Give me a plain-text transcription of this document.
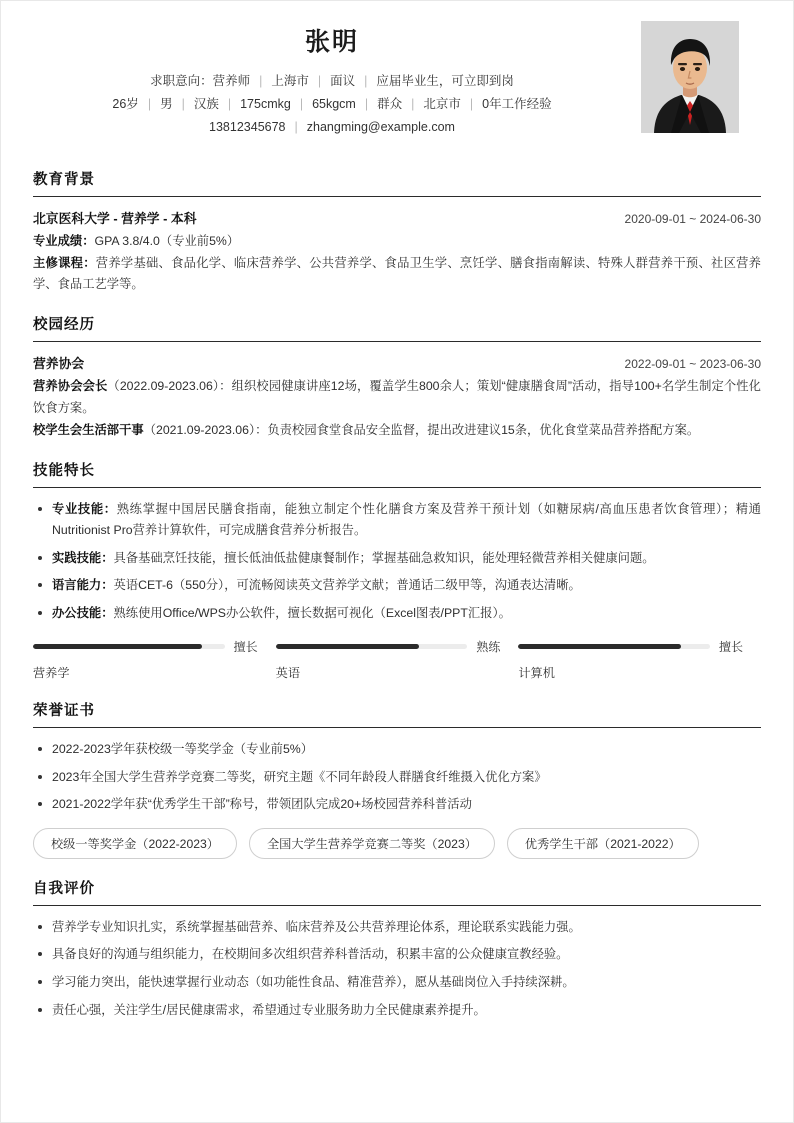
张明
求职意向：营养师 | 上海市 | 面议 | 应届毕业生，可立即到岗
26岁 | 男 | 汉族 | 175cmkg | 65kgcm | 群众 | 北京市 | 0年工作经验
13812345678 | zhangming@example.com
教育背景
北京医科大学 - 营养学 - 本科	2020-09-01 ~ 2024-06-30
专业成绩：GPA 3.8/4.0（专业前5%）
主修课程：营养学基础、食品化学、临床营养学、公共营养学、食品卫生学、烹饪学、膳食指南解读、特殊人群营养干预、社区营养学、食品工艺学等。
校园经历
营养协会	2022-09-01 ~ 2023-06-30
营养协会会长（2022.09-2023.06）：组织校园健康讲座12场，覆盖学生800余人；策划“健康膳食周”活动，指导100+名学生制定个性化饮食方案。
校学生会生活部干事（2021.09-2023.06）：负责校园食堂食品安全监督，提出改进建议15条，优化食堂菜品营养搭配方案。
技能特长
专业技能：熟练掌握中国居民膳食指南，能独立制定个性化膳食方案及营养干预计划（如糖尿病/高血压患者饮食管理）；精通 Nutritionist Pro营养计算软件，可完成膳食营养分析报告。
实践技能：具备基础烹饪技能，擅长低油低盐健康餐制作；掌握基础急救知识，能处理轻微营养相关健康问题。
语言能力：英语CET-6（550分），可流畅阅读英文营养学文献；普通话二级甲等，沟通表达清晰。
办公技能：熟练使用Office/WPS办公软件，擅长数据可视化（Excel图表/PPT汇报）。
擅长
营养学
熟练
英语
擅长
计算机
荣誉证书
2022-2023学年获校级一等奖学金（专业前5%）
2023年全国大学生营养学竞赛二等奖，研究主题《不同年龄段人群膳食纤维摄入优化方案》
2021-2022学年获“优秀学生干部”称号，带领团队完成20+场校园营养科普活动
校级一等奖学金（2022-2023）	全国大学生营养学竞赛二等奖（2023）	优秀学生干部（2021-2022）
自我评价
营养学专业知识扎实，系统掌握基础营养、临床营养及公共营养理论体系，理论联系实践能力强。
具备良好的沟通与组织能力，在校期间多次组织营养科普活动，积累丰富的公众健康宣教经验。
学习能力突出，能快速掌握行业动态（如功能性食品、精准营养），愿从基础岗位入手持续深耕。
责任心强，关注学生/居民健康需求，希望通过专业服务助力全民健康素养提升。
